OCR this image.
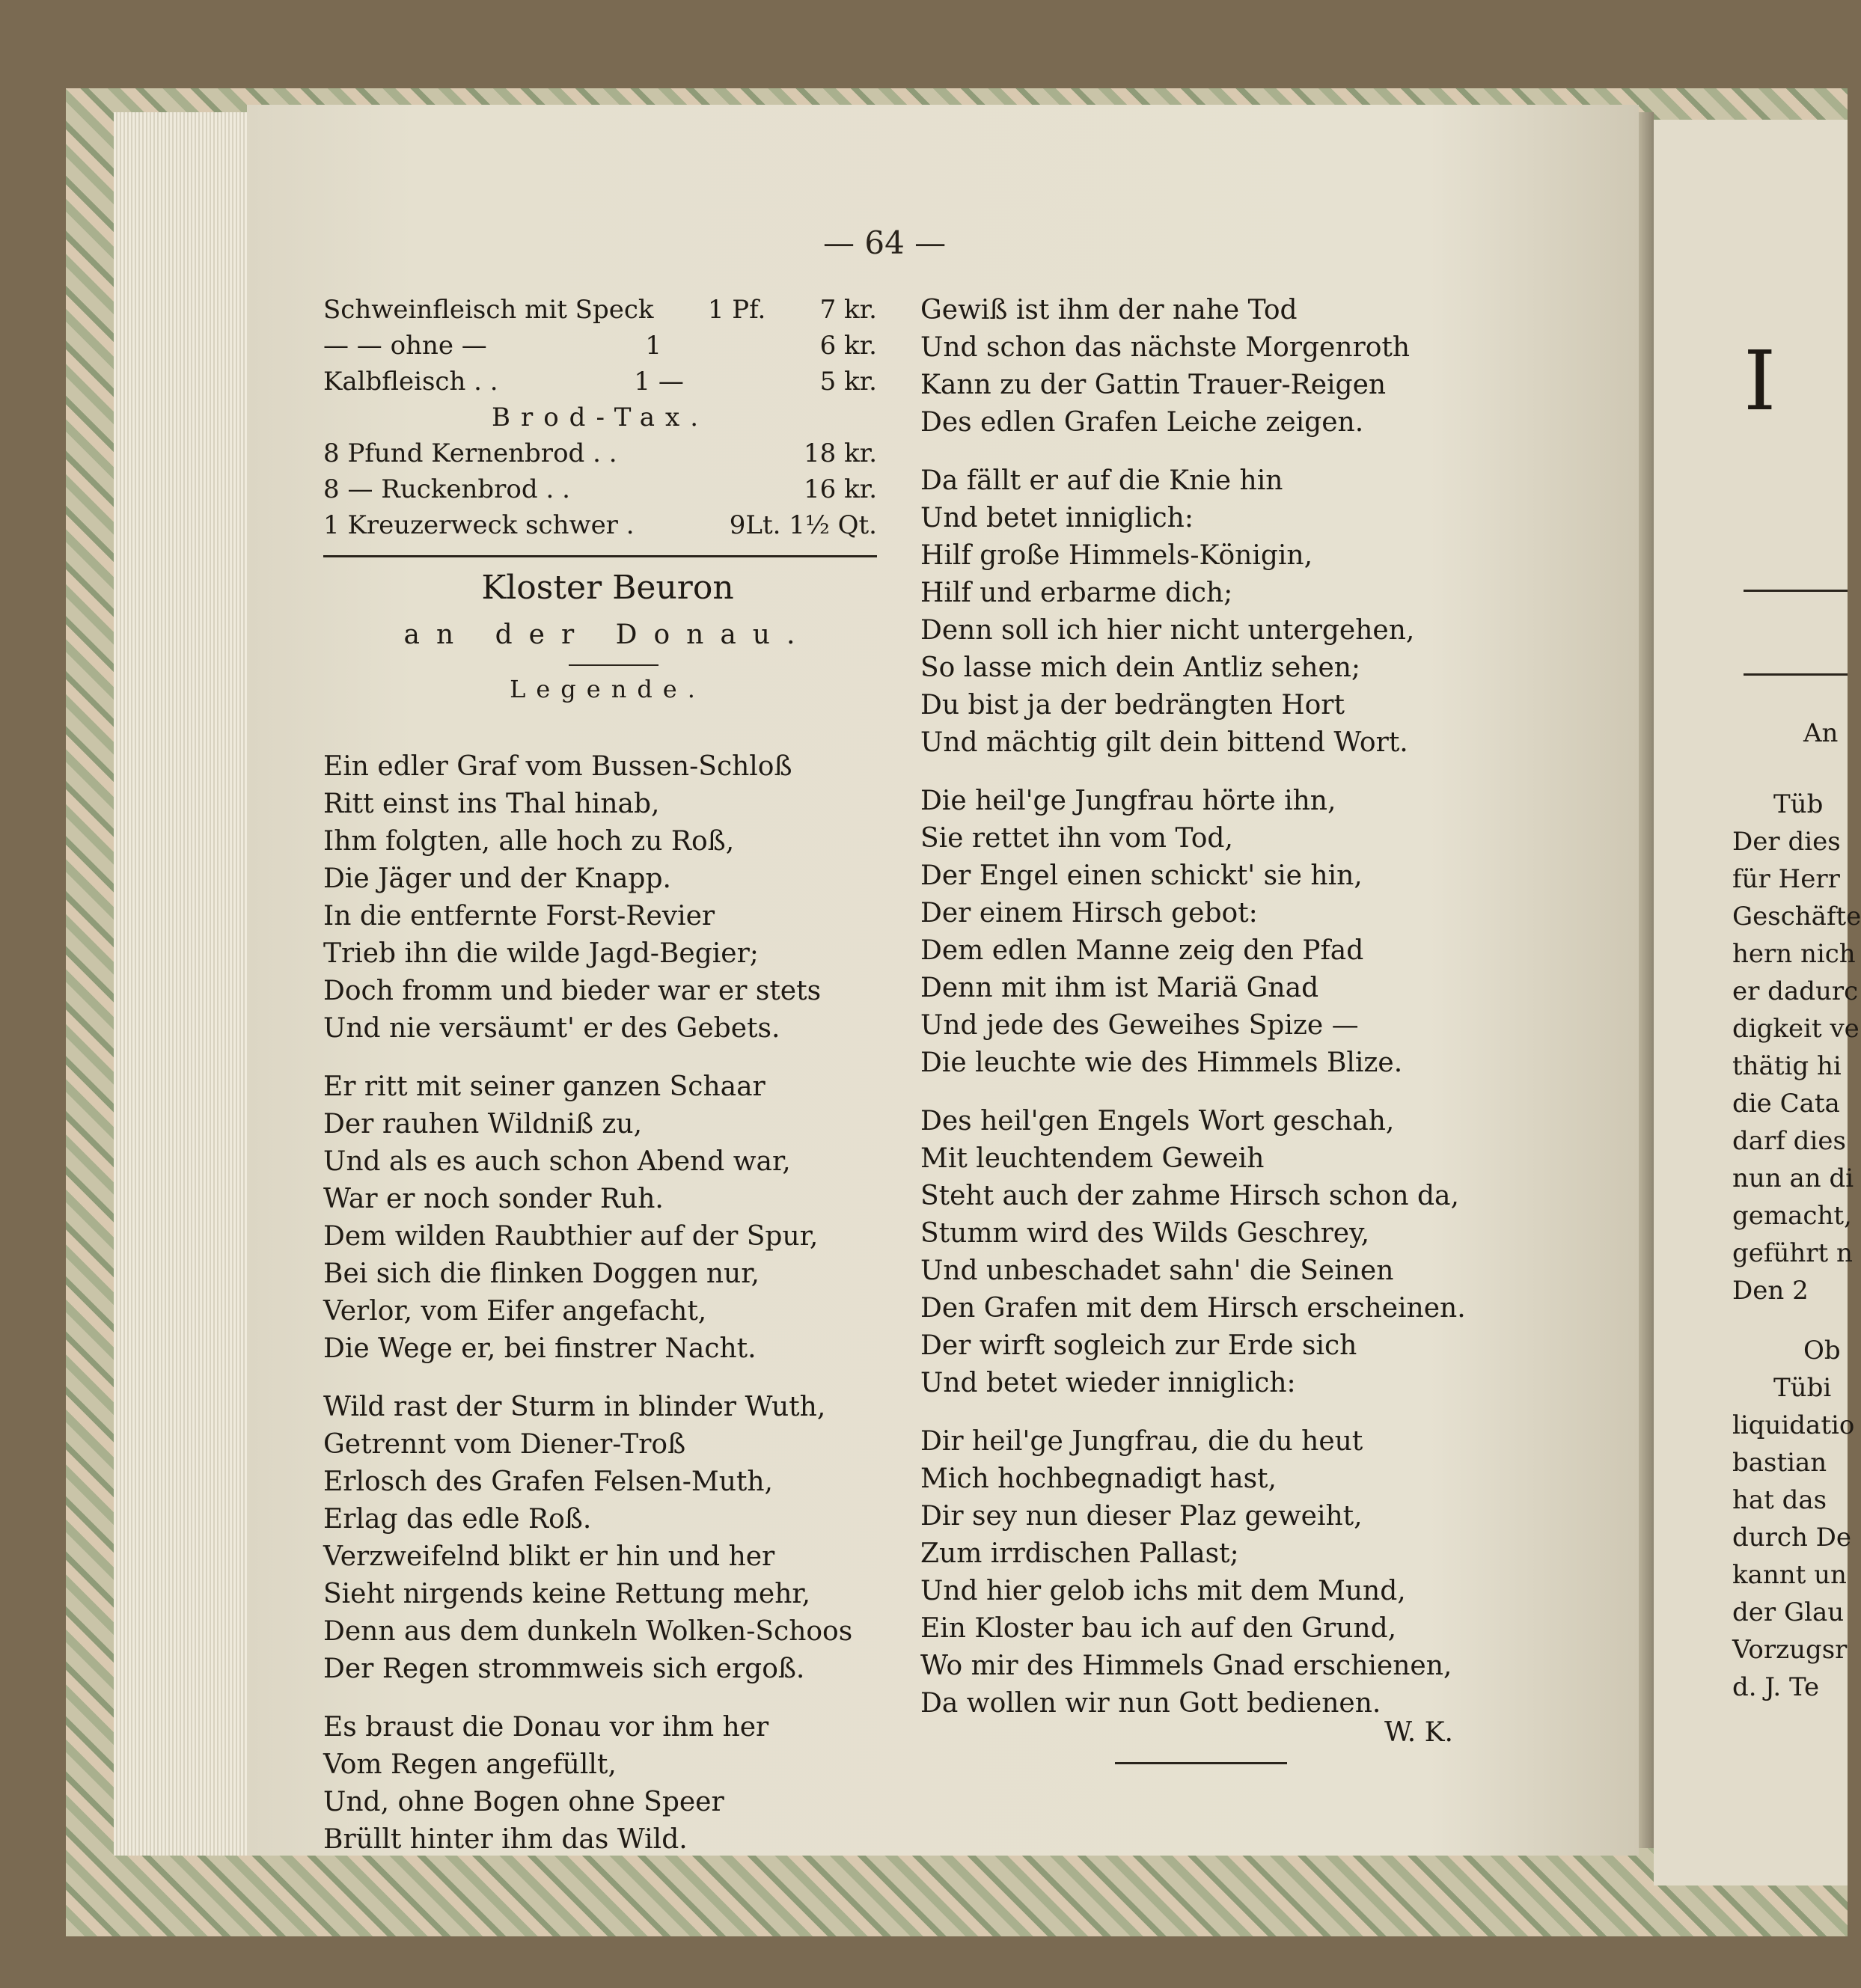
— 64 —
Schweinfleisch mit Speck 1 Pf. 7 kr.
— — ohne —	1	6 kr.
Kalbfleisch . .	1 —	5 kr.
Brod-Tax.
8 Pfund Kernenbrod . .	18 kr.
8 — Ruckenbrod . .	16 kr.
1 Kreuzerweck schwer .	9Lt. 1½ Qt.
Kloster Beuron
an der Donau.
Legende.
Ein edler Graf vom Bussen-Schloß
Ritt einst ins Thal hinab,
Ihm folgten, alle hoch zu Roß,
Die Jäger und der Knapp.
In die entfernte Forst-Revier
Trieb ihn die wilde Jagd-Begier;
Doch fromm und bieder war er stets
Und nie versäumt' er des Gebets.
Er ritt mit seiner ganzen Schaar
Der rauhen Wildniß zu,
Und als es auch schon Abend war,
War er noch sonder Ruh.
Dem wilden Raubthier auf der Spur,
Bei sich die flinken Doggen nur,
Verlor, vom Eifer angefacht,
Die Wege er, bei finstrer Nacht.
Wild rast der Sturm in blinder Wuth,
Getrennt vom Diener-Troß
Erlosch des Grafen Felsen-Muth,
Erlag das edle Roß.
Verzweifelnd blikt er hin und her
Sieht nirgends keine Rettung mehr,
Denn aus dem dunkeln Wolken-Schoos
Der Regen strommweis sich ergoß.
Es braust die Donau vor ihm her
Vom Regen angefüllt,
Und, ohne Bogen ohne Speer
Brüllt hinter ihm das Wild.
Gewiß ist ihm der nahe Tod
Und schon das nächste Morgenroth
Kann zu der Gattin Trauer-Reigen
Des edlen Grafen Leiche zeigen.
Da fällt er auf die Knie hin
Und betet inniglich:
Hilf große Himmels-Königin,
Hilf und erbarme dich;
Denn soll ich hier nicht untergehen,
So lasse mich dein Antliz sehen;
Du bist ja der bedrängten Hort
Und mächtig gilt dein bittend Wort.
Die heil'ge Jungfrau hörte ihn,
Sie rettet ihn vom Tod,
Der Engel einen schickt' sie hin,
Der einem Hirsch gebot:
Dem edlen Manne zeig den Pfad
Denn mit ihm ist Mariä Gnad
Und jede des Geweihes Spize —
Die leuchte wie des Himmels Blize.
Des heil'gen Engels Wort geschah,
Mit leuchtendem Geweih
Steht auch der zahme Hirsch schon da,
Stumm wird des Wilds Geschrey,
Und unbeschadet sahn' die Seinen
Den Grafen mit dem Hirsch erscheinen.
Der wirft sogleich zur Erde sich
Und betet wieder inniglich:
Dir heil'ge Jungfrau, die du heut
Mich hochbegnadigt hast,
Dir sey nun dieser Plaz geweiht,
Zum irrdischen Pallast;
Und hier gelob ichs mit dem Mund,
Ein Kloster bau ich auf den Grund,
Wo mir des Himmels Gnad erschienen,
Da wollen wir nun Gott bedienen.
W. K.
I
An
Tüb
Der dies
für Herr
Geschäfte
hern nich
er dadurc
digkeit ve
thätig hi
die Cata
darf dies
nun an di
gemacht,
geführt n
Den 2
Ob
Tübi
liquidatio
bastian
hat das
durch De
kannt un
der Glau
Vorzugsr
d. J. Te
